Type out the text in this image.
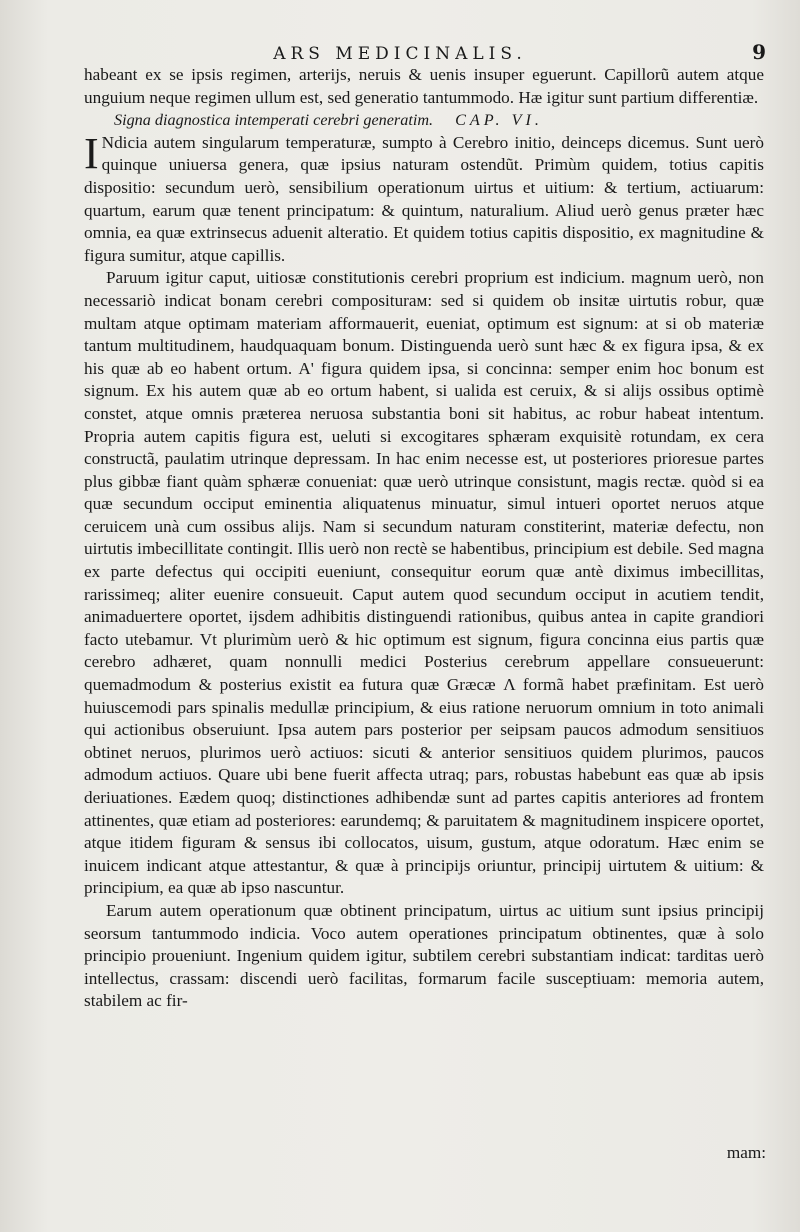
ARS MEDICINALIS.	9

habeant ex se ipsis regimen, arterijs, neruis & uenis insuper eguerunt. Capillorũ autem atque unguium neque regimen ullum est, sed generatio tantummodo. Hæ igitur sunt partium differentiæ.

Signa diagnostica intemperati cerebri generatim. CAP. VI.

I Ndicia autem singularum temperaturæ, sumpto à Cerebro initio, deinceps dicemus. Sunt uerò quinque uniuersa genera, quæ ipsius naturam ostendũt. Primùm quidem, totius capitis dispositio: secundum uerò, sensibilium operationum uirtus et uitium: & tertium, actiuarum: quartum, earum quæ tenent principatum: & quintum, naturalium. Aliud uerò genus præter hæc omnia, ea quæ extrinsecus aduenit alteratio. Et quidem totius capitis dispositio, ex magnitudine & figura sumitur, atque capillis.

Paruum igitur caput, uitiosæ constitutionis cerebri proprium est indicium. magnum uerò, non necessariò indicat bonam cerebri compositurам: sed si quidem ob insitæ uirtutis robur, quæ multam atque optimam materiam afformauerit, eueniat, optimum est signum: at si ob materiæ tantum multitudinem, haudquaquam bonum. Distinguenda uerò sunt hæc & ex figura ipsa, & ex his quæ ab eo habent ortum. A' figura quidem ipsa, si concinna: semper enim hoc bonum est signum. Ex his autem quæ ab eo ortum habent, si ualida est ceruix, & si alijs ossibus optimè constet, atque omnis præterea neruosa substantia boni sit habitus, ac robur habeat intentum. Propria autem capitis figura est, ueluti si excogitares sphæram exquisitè rotundam, ex cera constructã, paulatim utrinque depressam. In hac enim necesse est, ut posteriores prioresue partes plus gibbæ fiant quàm sphæræ conueniat: quæ uerò utrinque consistunt, magis rectæ. quòd si ea quæ secundum occiput eminentia aliquatenus minuatur, simul intueri oportet neruos atque ceruicem unà cum ossibus alijs. Nam si secundum naturam constiterint, materiæ defectu, non uirtutis imbecillitate contingit. Illis uerò non rectè se habentibus, principium est debile. Sed magna ex parte defectus qui occipiti eueniunt, consequitur eorum quæ antè diximus imbecillitas, rarissimeq; aliter euenire consueuit. Caput autem quod secundum occiput in acutiem tendit, animaduertere oportet, ijsdem adhibitis distinguendi rationibus, quibus antea in capite grandiori facto utebamur. Vt plurimùm uerò & hic optimum est signum, figura concinna eius partis quæ cerebro adhæret, quam nonnulli medici Posterius cerebrum appellare consueuerunt: quemadmodum & posterius existit ea futura quæ Græcæ Λ formã habet præfinitam. Est uerò huiuscemodi pars spinalis medullæ principium, & eius ratione neruorum omnium in toto animali qui actionibus obseruiunt. Ipsa autem pars posterior per seipsam paucos admodum sensitiuos obtinet neruos, plurimos uerò actiuos: sicuti & anterior sensitiuos quidem plurimos, paucos admodum actiuos. Quare ubi bene fuerit affecta utraq; pars, robustas habebunt eas quæ ab ipsis deriuationes. Eædem quoq; distinctiones adhibendæ sunt ad partes capitis anteriores ad frontem attinentes, quæ etiam ad posteriores: earundemq; & paruitatem & magnitudinem inspicere oportet, atque itidem figuram & sensus ibi collocatos, uisum, gustum, atque odoratum. Hæc enim se inuicem indicant atque attestantur, & quæ à principijs oriuntur, principij uirtutem & uitium: & principium, ea quæ ab ipso nascuntur.

Earum autem operationum quæ obtinent principatum, uirtus ac uitium sunt ipsius principij seorsum tantummodo indicia. Voco autem operationes principatum obtinentes, quæ à solo principio proueniunt. Ingenium quidem igitur, subtilem cerebri substantiam indicat: tarditas uerò intellectus, crassam: discendi uerò facilitas, formarum facile susceptiuam: memoria autem, stabilem ac fir-

mam:
